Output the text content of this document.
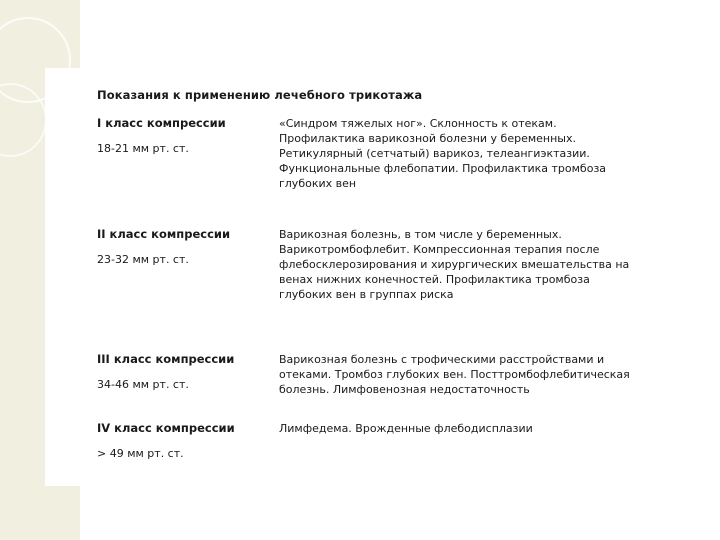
Показания к применению лечебного трикотажа
I класс компрессии
18-21 мм рт. ст.
«Синдром тяжелых ног». Склонность к отекам.
Профилактика варикозной болезни у беременных.
Ретикулярный (сетчатый) варикоз, телеангиэктазии.
Функциональные флебопатии. Профилактика тромбоза
глубоких вен
II класс компрессии
23-32 мм рт. ст.
Варикозная болезнь, в том числе у беременных.
Варикотромбофлебит. Компрессионная терапия после
флебосклерозирования и хирургических вмешательства на
венах нижних конечностей. Профилактика тромбоза
глубоких вен в группах риска
III класс компрессии
34-46 мм рт. ст.
Варикозная болезнь с трофическими расстройствами и
отеками. Тромбоз глубоких вен. Посттромбофлебитическая
болезнь. Лимфовенозная недостаточность
IV класс компрессии
> 49 мм рт. ст.
Лимфедема. Врожденные флебодисплазии
